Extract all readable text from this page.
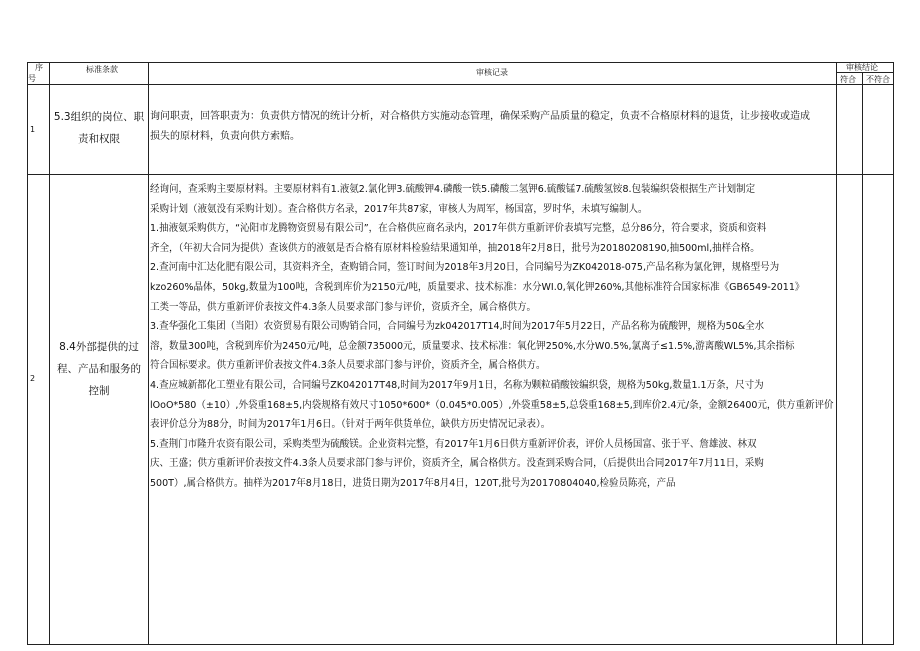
序
号
标准条款	审核记录
审核结论
符合 不符合
1
5.3组织的岗位、职
责和权限
询问职责，回答职责为：负责供方情况的统计分析，对合格供方实施动态管理，确保采购产品质量的稳定，负责不合格原材料的退货，让步接收或造成
损失的原材料，负责向供方索赔。
2
8.4外部提供的过
程、产品和服务的
控制
经询问，查采购主要原材料。主要原材料有1.液氨2.氯化钾3.硫酸钾4.磷酸一铁5.磷酸二氢钾6.硫酸锰7.硫酸氢铵8.包装编织袋根据生产计划制定
采购计划（液氨没有采购计划）。查合格供方名录，2017年共87家，审核人为周军，杨国富，罗时华，未填写编制人。
1.抽液氨采购供方，“沁阳市龙腾物资贸易有限公司”，在合格供应商名录内，2017年供方重新评价表填写完整，总分86分，符合要求，资质和资料
齐全，（年初大合同为提供）查该供方的液氨是否合格有原材料检验结果通知单，抽2018年2月8日，批号为20180208190,抽500ml,抽样合格。
2.查河南中汇达化肥有限公司，其资料齐全，查购销合同，签订时间为2018年3月20日，合同编号为ZK042018-075,产品名称为氯化钾，规格型号为
kzo260%晶体，50kg,数量为100吨，含税到库价为2150元/吨，质量要求、技术标准：水分WI.0,氧化钾260%,其他标准符合国家标准《GB6549-2011》
工类一等品，供方重新评价表按文件4.3条人员要求部门参与评价，资质齐全，属合格供方。
3.查华强化工集团（当阳）农资贸易有限公司购销合同，合同编号为zk042017T14,时间为2017年5月22日，产品名称为硫酸钾，规格为50&全水
溶，数量300吨，含税到库价为2450元/吨，总金额735000元，质量要求、技术标准：氧化钾250%,水分W0.5%,氯离子≤1.5%,游离酸WL5%,其余指标
符合国标要求。供方重新评价表按文件4.3条人员要求部门参与评价，资质齐全，属合格供方。
4.查应城新都化工塑业有限公司，合同编号ZK042017T48,时间为2017年9月1日，名称为颗粒硝酸铵编织袋，规格为50kg,数量1.1万条，尺寸为
lOoO*580（±10）,外袋重168±5,内袋规格有效尺寸1050*600*（0.045*0.005）,外袋重58±5,总袋重168±5,到库价2.4元/条，金额26400元，供方重新评价
表评价总分为88分，时间为2017年1月6日。（针对于两年供货单位，缺供方历史情况记录表）。
5.查荆门市隆升农资有限公司，采购类型为硫酸镁。企业资料完整，有2017年1月6日供方重新评价表，评价人员杨国富、张于平、詹雄波、林双
庆、王盛；供方重新评价表按文件4.3条人员要求部门参与评价，资质齐全，属合格供方。没查到采购合同，（后提供出合同2017年7月11日，采购
500T）,属合格供方。抽样为2017年8月18日，进货日期为2017年8月4日，120T,批号为20170804040,检验员陈亮，产品
